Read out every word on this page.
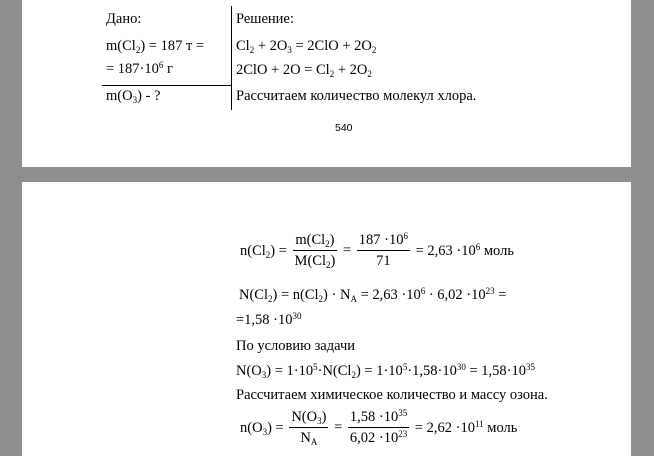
Дано:
$m(Cl_2) = 187$ т =
= $187\cdot 10^6$ г
$m(O_3)$ - ?
Решение:
$Cl_2 + 2O_3 = 2ClO + 2O_2$
$2ClO + 2O = Cl_2 + 2O_2$
Рассчитаем количество молекул хлора.
540
$n(Cl_2) = \frac{m(Cl_2)}{M(Cl_2)} = \frac{187 \cdot 10^6}{71} = 2,63 \cdot 10^6$ моль
$N(Cl_2) = n(Cl_2) \cdot N_A = 2,63 \cdot 10^6 \cdot 6,02 \cdot 10^{23}$ =
$=1,58 \cdot 10^{30}$
По условию задачи
$N(O_3) = 1\cdot 10^5\cdot N(Cl_2) = 1\cdot 10^5\cdot 1,58\cdot 10^{30} = 1,58\cdot 10^{35}$
Рассчитаем химическое количество и массу озона.
$n(O_3) = \frac{N(O_3)}{N_A} = \frac{1,58 \cdot 10^{35}}{6,02 \cdot 10^{23}} = 2,62 \cdot 10^{11}$ моль
